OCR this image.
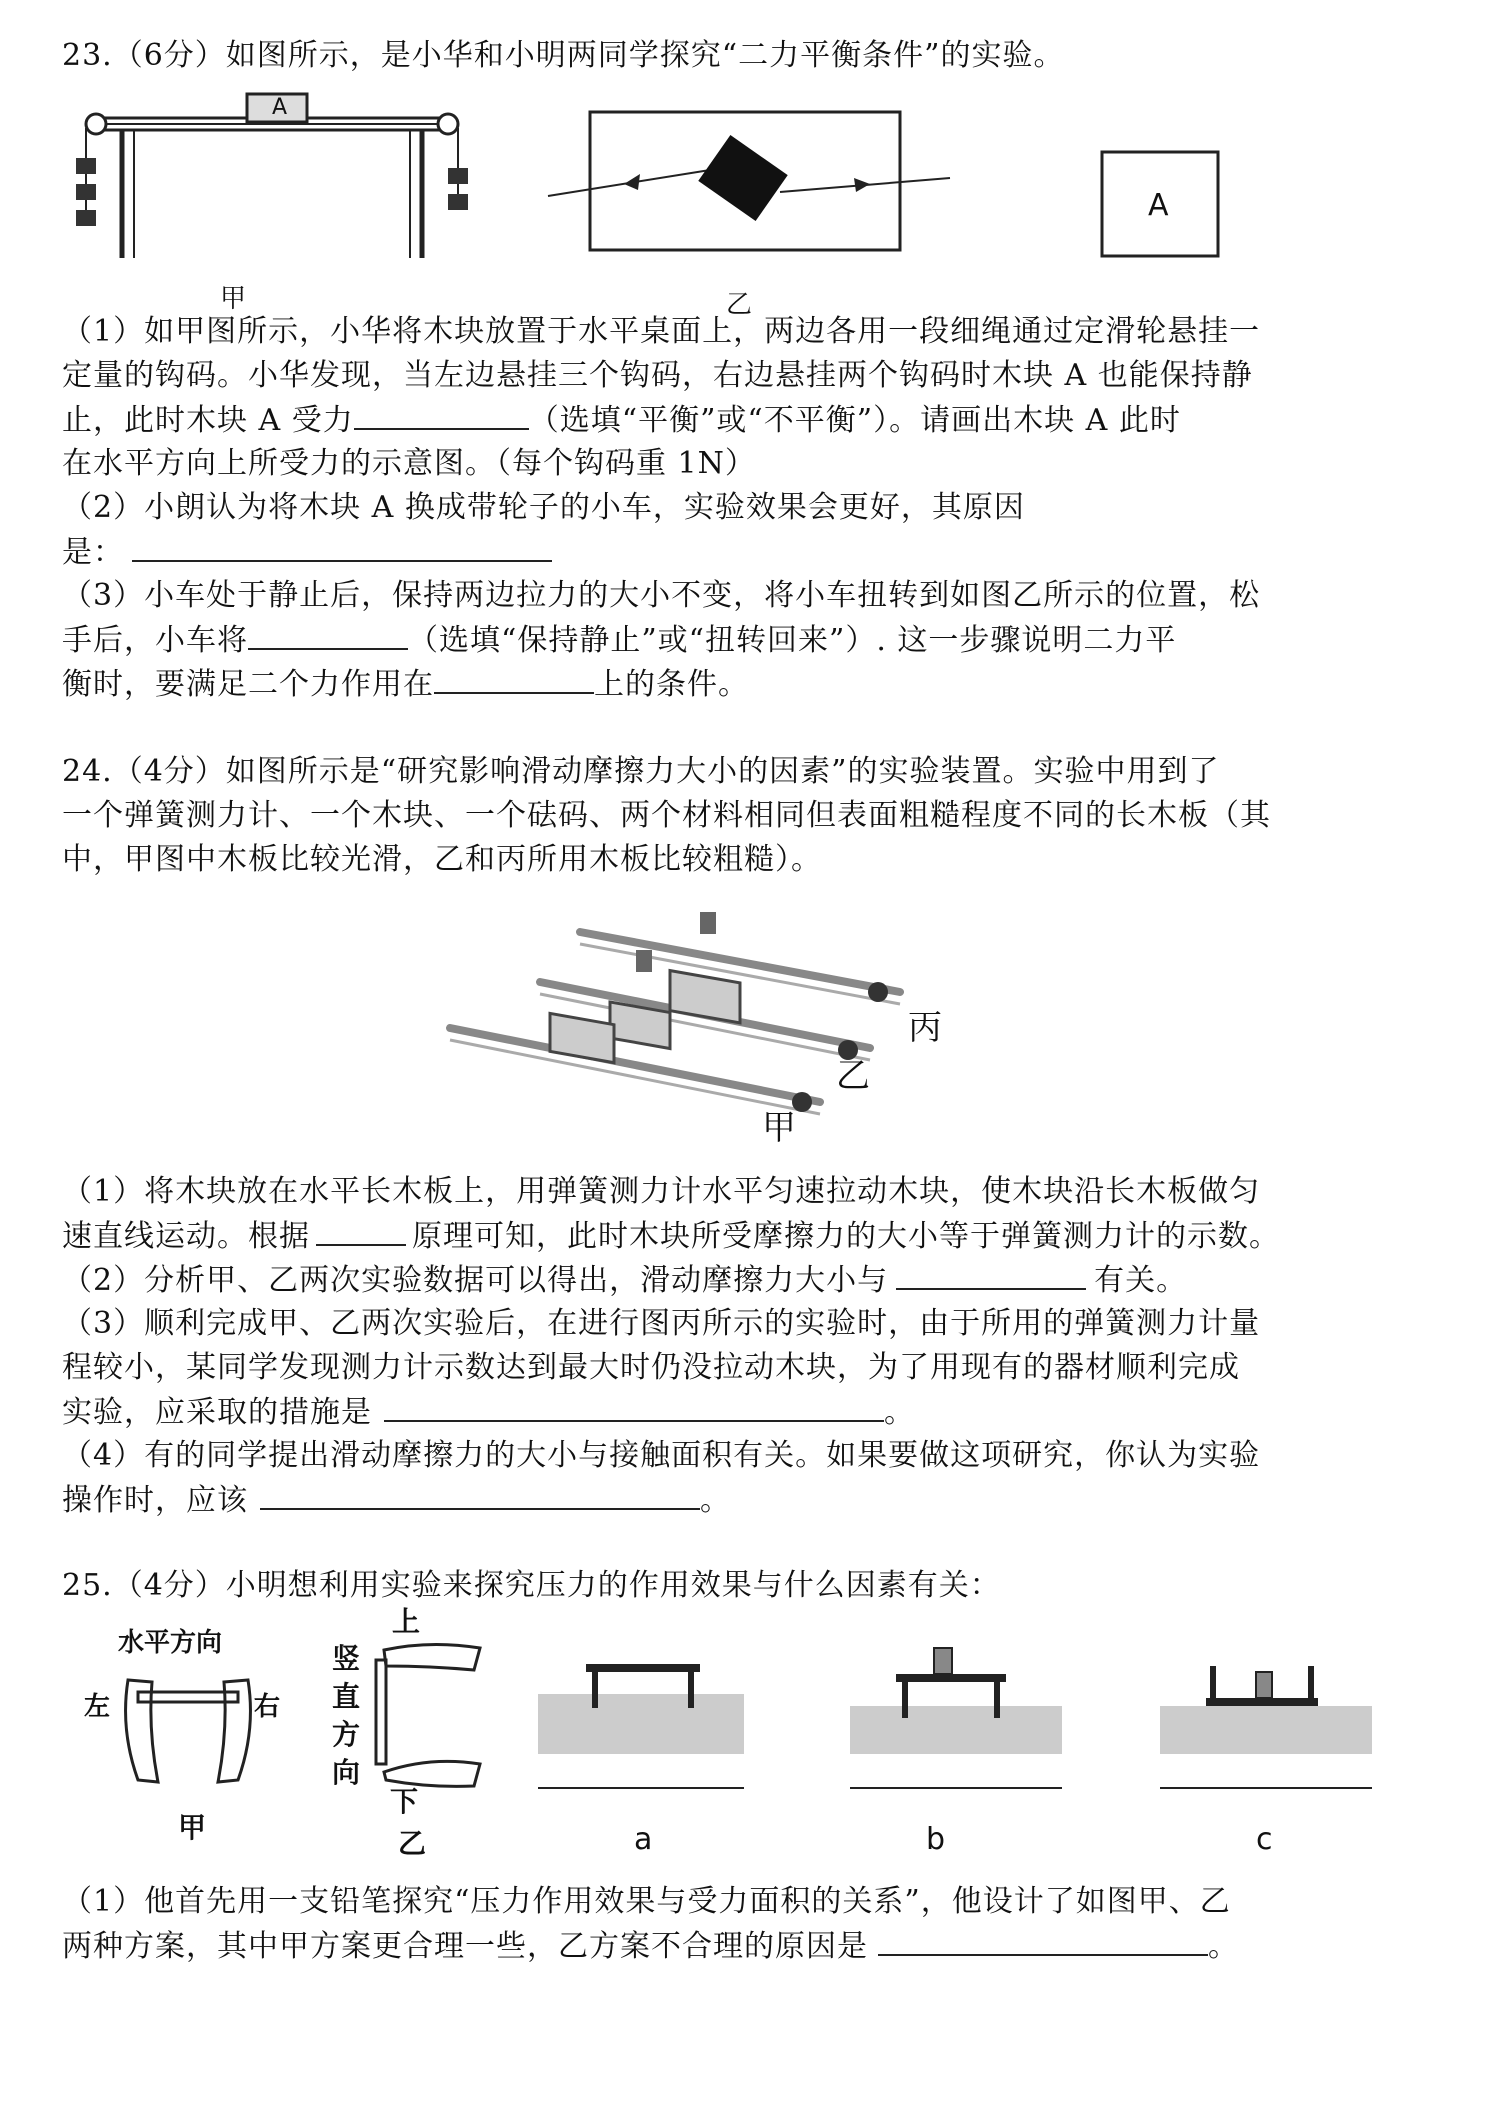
23.（6分）如图所示，是小华和小明两同学探究“二力平衡条件”的实验。
A
A
甲	乙
（1）如甲图所示，小华将木块放置于水平桌面上，两边各用一段细绳通过定滑轮悬挂一
定量的钩码。小华发现，当左边悬挂三个钩码，右边悬挂两个钩码时木块 A 也能保持静
止，此时木块 A 受力	（选填“平衡”或“不平衡”）。请画出木块 A 此时
在水平方向上所受力的示意图。（每个钩码重 1N）
（2）小朗认为将木块 A 换成带轮子的小车，实验效果会更好，其原因
是：
（3）小车处于静止后，保持两边拉力的大小不变，将小车扭转到如图乙所示的位置，松
手后，小车将	（选填“保持静止”或“扭转回来”）. 这一步骤说明二力平
衡时，要满足二个力作用在	上的条件。
24.（4分）如图所示是“研究影响滑动摩擦力大小的因素”的实验装置。实验中用到了
一个弹簧测力计、一个木块、一个砝码、两个材料相同但表面粗糙程度不同的长木板（其
中，甲图中木板比较光滑，乙和丙所用木板比较粗糙）。
丙
乙
甲
（1）将木块放在水平长木板上，用弹簧测力计水平匀速拉动木块，使木块沿长木板做匀
速直线运动。根据	原理可知，此时木块所受摩擦力的大小等于弹簧测力计的示数。
（2）分析甲、乙两次实验数据可以得出，滑动摩擦力大小与	有关。
（3）顺利完成甲、乙两次实验后，在进行图丙所示的实验时，由于所用的弹簧测力计量
程较小，某同学发现测力计示数达到最大时仍没拉动木块，为了用现有的器材顺利完成
实验，应采取的措施是	。
（4）有的同学提出滑动摩擦力的大小与接触面积有关。如果要做这项研究，你认为实验
操作时，应该	。
25.（4分）小明想利用实验来探究压力的作用效果与什么因素有关：
水平方向
左	右
甲
上
竖直方向
下
乙	a	b	c
（1）他首先用一支铅笔探究“压力作用效果与受力面积的关系”，他设计了如图甲、乙
两种方案，其中甲方案更合理一些，乙方案不合理的原因是	。
